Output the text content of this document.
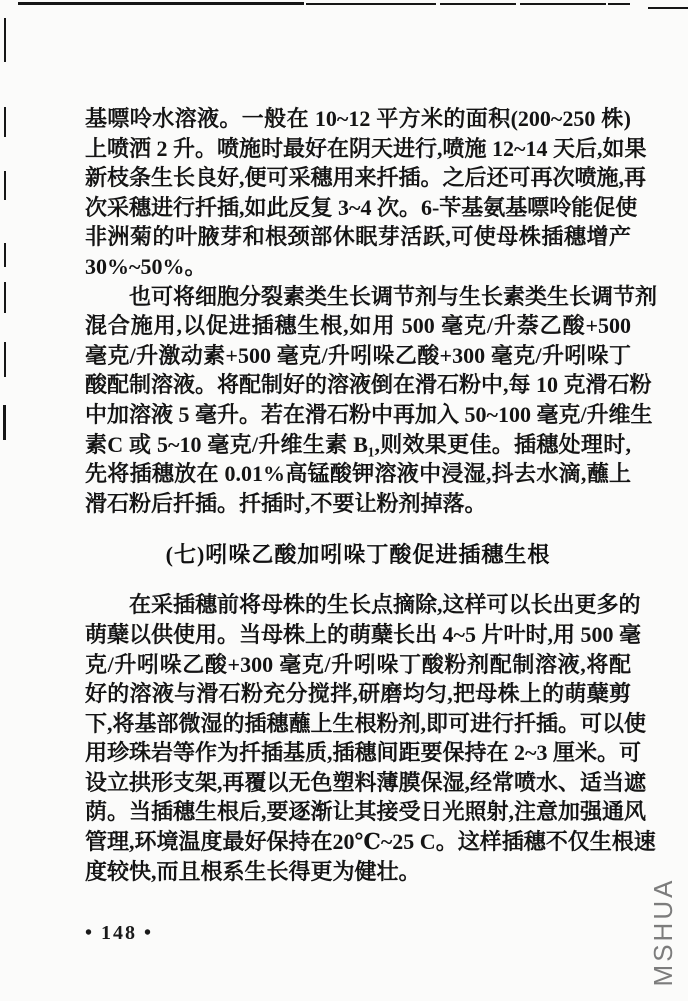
基嘌呤水溶液。一般在 10~12 平方米的面积(200~250 株)
上喷洒 2 升。喷施时最好在阴天进行,喷施 12~14 天后,如果
新枝条生长良好,便可采穗用来扦插。之后还可再次喷施,再
次采穗进行扦插,如此反复 3~4 次。6-苄基氨基嘌呤能促使
非洲菊的叶腋芽和根颈部休眠芽活跃,可使母株插穗增产
30%~50%。
也可将细胞分裂素类生长调节剂与生长素类生长调节剂
混合施用,以促进插穗生根,如用 500 毫克/升萘乙酸+500
毫克/升激动素+500 毫克/升吲哚乙酸+300 毫克/升吲哚丁
酸配制溶液。将配制好的溶液倒在滑石粉中,每 10 克滑石粉
中加溶液 5 毫升。若在滑石粉中再加入 50~100 毫克/升维生
素C 或 5~10 毫克/升维生素 B₁,则效果更佳。插穗处理时,
先将插穗放在 0.01%高锰酸钾溶液中浸湿,抖去水滴,蘸上
滑石粉后扦插。扦插时,不要让粉剂掉落。
(七)吲哚乙酸加吲哚丁酸促进插穗生根
在采插穗前将母株的生长点摘除,这样可以长出更多的
萌蘖以供使用。当母株上的萌蘖长出 4~5 片叶时,用 500 毫
克/升吲哚乙酸+300 毫克/升吲哚丁酸粉剂配制溶液,将配
好的溶液与滑石粉充分搅拌,研磨均匀,把母株上的萌蘖剪
下,将基部微湿的插穗蘸上生根粉剂,即可进行扦插。可以使
用珍珠岩等作为扦插基质,插穗间距要保持在 2~3 厘米。可
设立拱形支架,再覆以无色塑料薄膜保湿,经常喷水、适当遮
荫。当插穗生根后,要逐渐让其接受日光照射,注意加强通风
管理,环境温度最好保持在20℃~25 C。这样插穗不仅生根速
度较快,而且根系生长得更为健壮。
• 148 •	MSHUA
